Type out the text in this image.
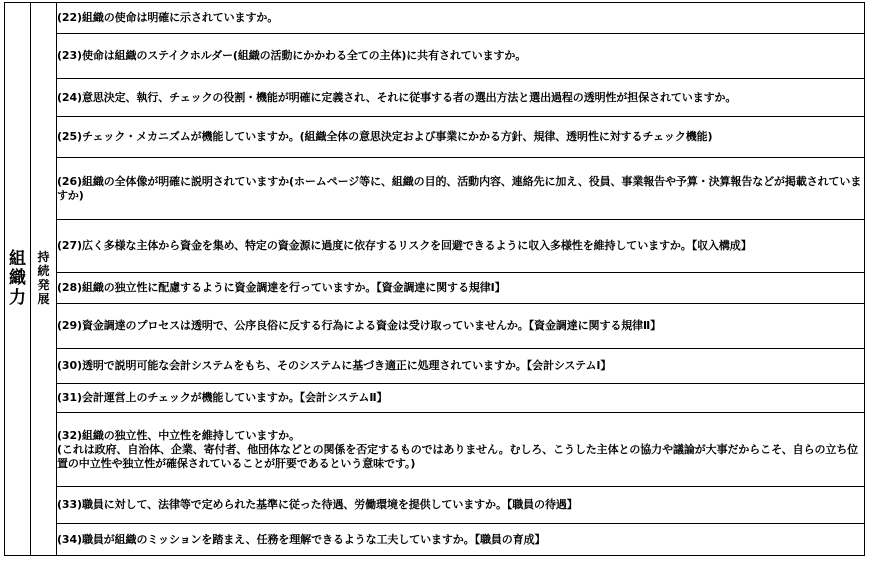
組織力	持続発展	(22)組織の使命は明確に示されていますか。
(23)使命は組織のステイクホルダー(組織の活動にかかわる全ての主体)に共有されていますか。
(24)意思決定、執行、チェックの役割・機能が明確に定義され、それに従事する者の選出方法と選出過程の透明性が担保されていますか。
(25)チェック・メカニズムが機能していますか。(組織全体の意思決定および事業にかかる方針、規律、透明性に対するチェック機能)
(26)組織の全体像が明確に説明されていますか(ホームページ等に、組織の目的、活動内容、連絡先に加え、役員、事業報告や予算・決算報告などが掲載されていますか)
(27)広く多様な主体から資金を集め、特定の資金源に過度に依存するリスクを回避できるように収入多様性を維持していますか。【収入構成】
(28)組織の独立性に配慮するように資金調達を行っていますか。【資金調達に関する規律Ⅰ】
(29)資金調達のプロセスは透明で、公序良俗に反する行為による資金は受け取っていませんか。【資金調達に関する規律Ⅱ】
(30)透明で説明可能な会計システムをもち、そのシステムに基づき適正に処理されていますか。【会計システムⅠ】
(31)会計運営上のチェックが機能していますか。【会計システムⅡ】
(32)組織の独立性、中立性を維持していますか。
(これは政府、自治体、企業、寄付者、他団体などとの関係を否定するものではありません。むしろ、こうした主体との協力や議論が大事だからこそ、自らの立ち位置の中立性や独立性が確保されていることが肝要であるという意味です。)
(33)職員に対して、法律等で定められた基準に従った待遇、労働環境を提供していますか。【職員の待遇】
(34)職員が組織のミッションを踏まえ、任務を理解できるような工夫していますか。【職員の育成】
